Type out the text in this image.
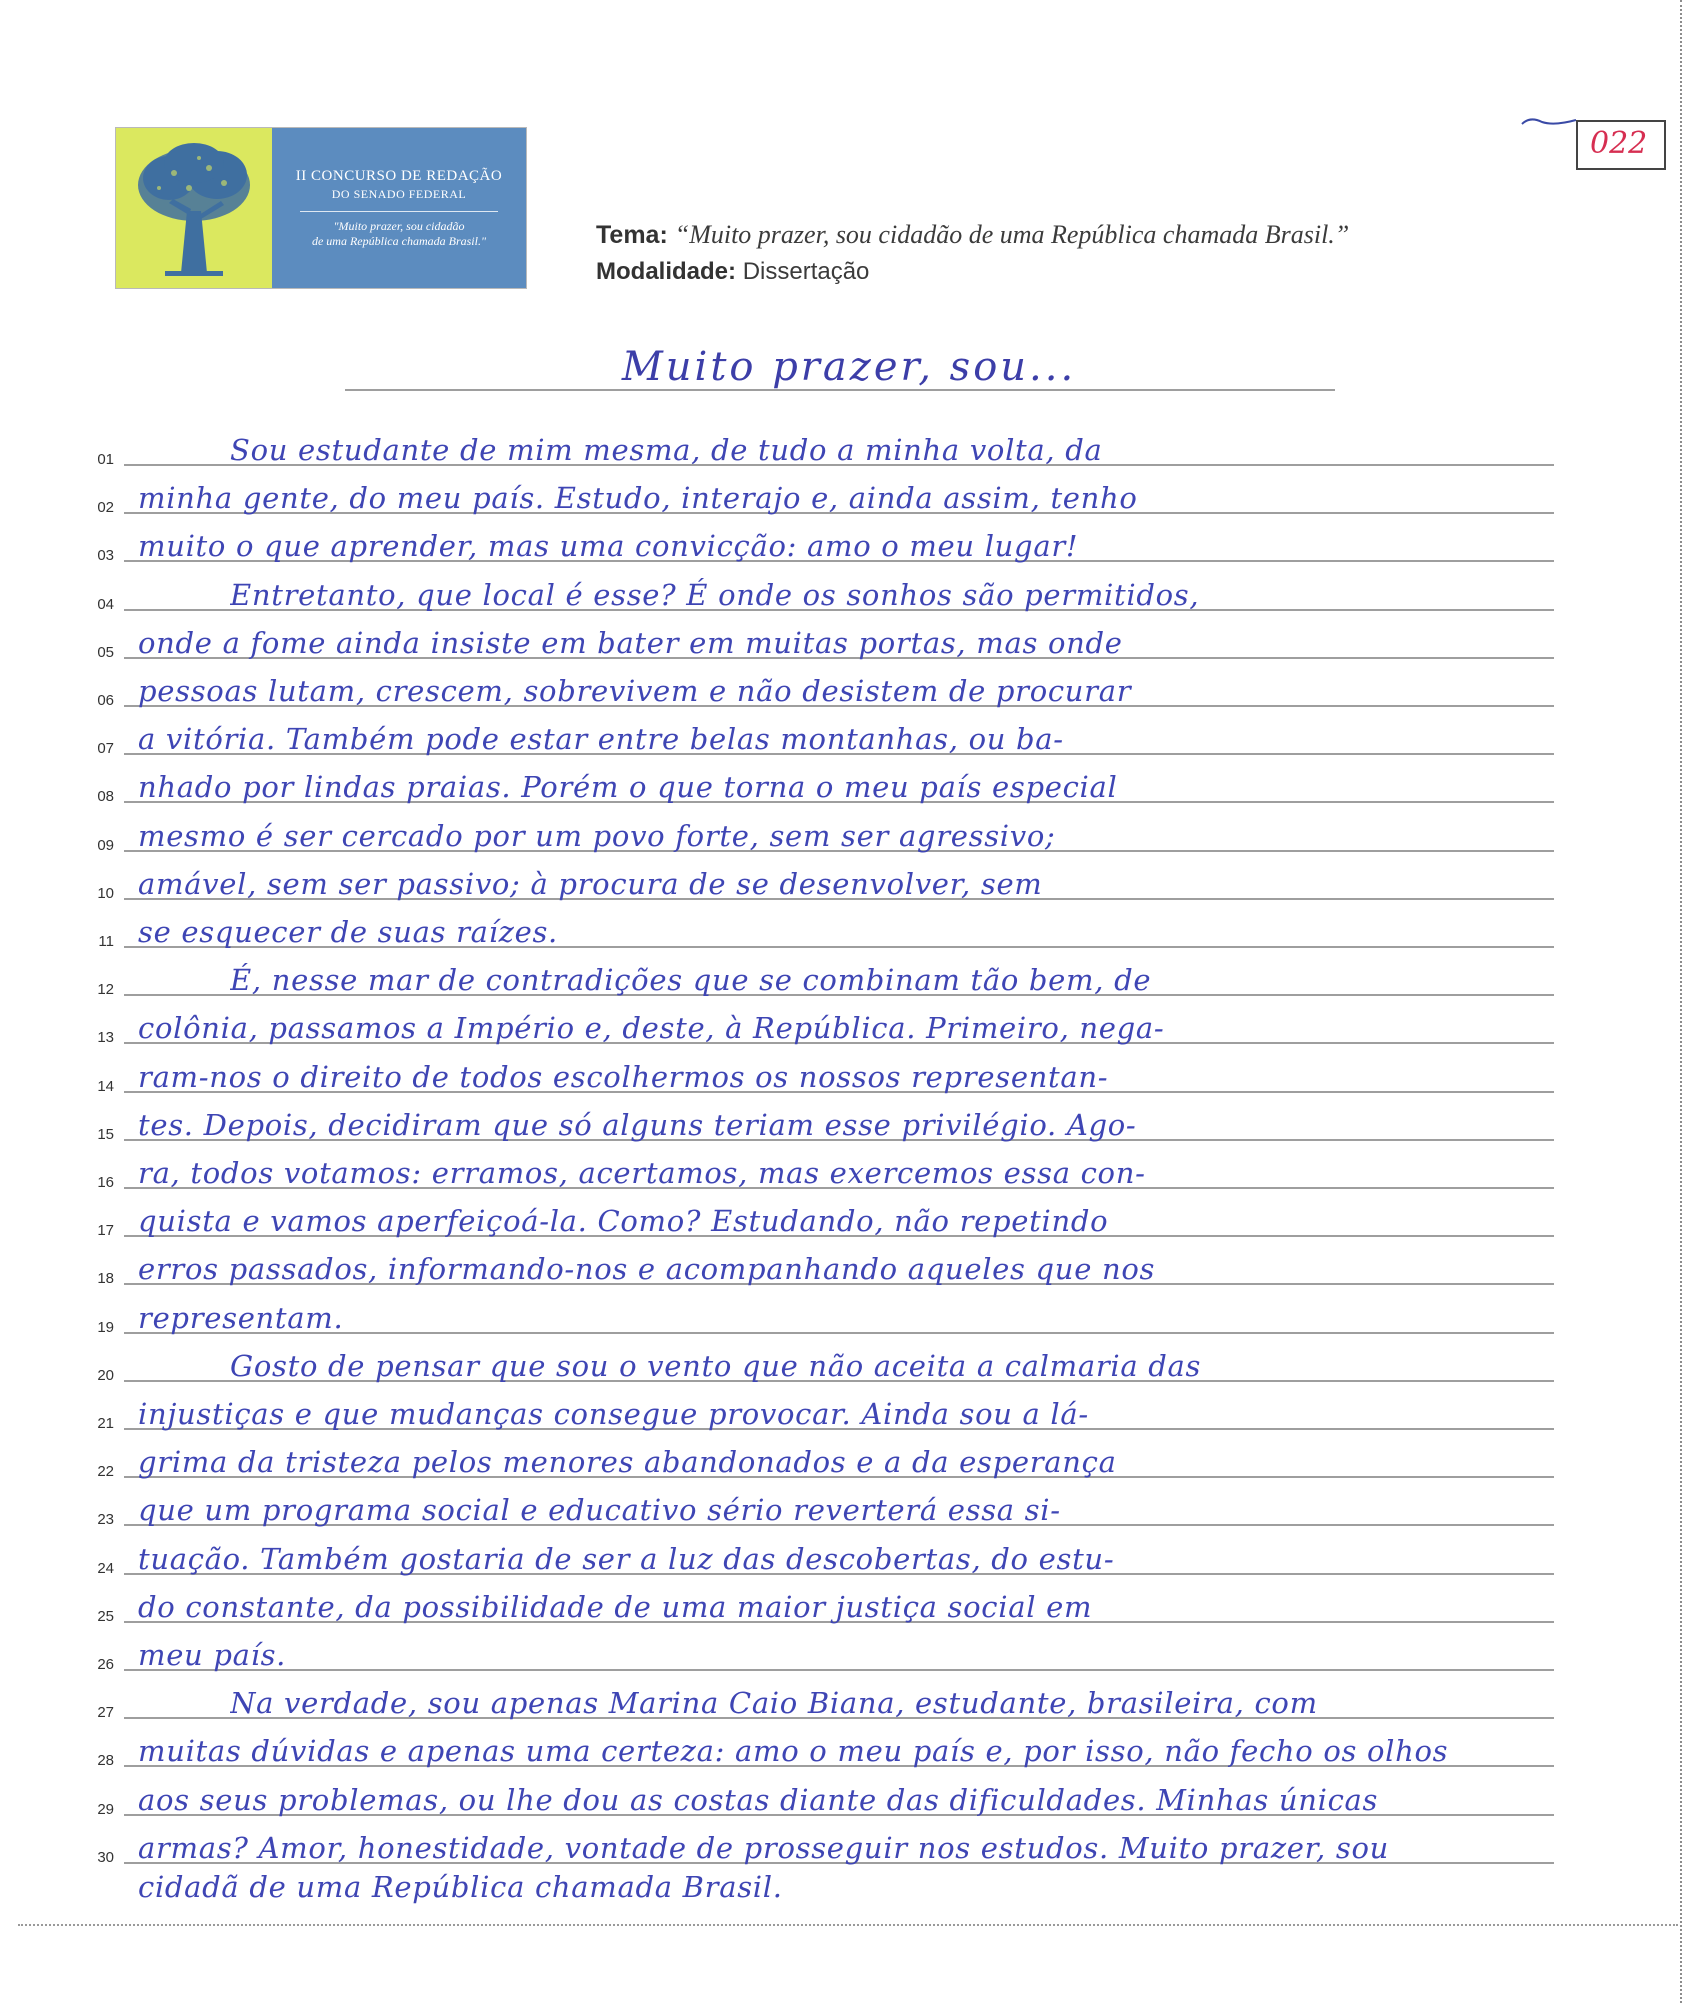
II CONCURSO DE REDAÇÃO
DO SENADO FEDERAL
"Muito prazer, sou cidadão
de uma República chamada Brasil."
022
Tema: “Muito prazer, sou cidadão de uma República chamada Brasil.”
Modalidade: Dissertação
Muito prazer, sou...
01	Sou estudante de mim mesma, de tudo a minha volta, da
02 minha gente, do meu país. Estudo, interajo e, ainda assim, tenho
03 muito o que aprender, mas uma convicção: amo o meu lugar!
04	Entretanto, que local é esse? É onde os sonhos são permitidos,
05 onde a fome ainda insiste em bater em muitas portas, mas onde
06 pessoas lutam, crescem, sobrevivem e não desistem de procurar
07 a vitória. Também pode estar entre belas montanhas, ou ba-
08 nhado por lindas praias. Porém o que torna o meu país especial
09 mesmo é ser cercado por um povo forte, sem ser agressivo;
10 amável, sem ser passivo; à procura de se desenvolver, sem
11 se esquecer de suas raízes.
12	É, nesse mar de contradições que se combinam tão bem, de
13 colônia, passamos a Império e, deste, à República. Primeiro, nega-
14 ram-nos o direito de todos escolhermos os nossos representan-
15 tes. Depois, decidiram que só alguns teriam esse privilégio. Ago-
16 ra, todos votamos: erramos, acertamos, mas exercemos essa con-
17 quista e vamos aperfeiçoá-la. Como? Estudando, não repetindo
18 erros passados, informando-nos e acompanhando aqueles que nos
19 representam.
20	Gosto de pensar que sou o vento que não aceita a calmaria das
21 injustiças e que mudanças consegue provocar. Ainda sou a lá-
22 grima da tristeza pelos menores abandonados e a da esperança
23 que um programa social e educativo sério reverterá essa si-
24 tuação. Também gostaria de ser a luz das descobertas, do estu-
25 do constante, da possibilidade de uma maior justiça social em
26 meu país.
27	Na verdade, sou apenas Marina Caio Biana, estudante, brasileira, com
28 muitas dúvidas e apenas uma certeza: amo o meu país e, por isso, não fecho os olhos
29 aos seus problemas, ou lhe dou as costas diante das dificuldades. Minhas únicas
30 armas? Amor, honestidade, vontade de prosseguir nos estudos. Muito prazer, sou
cidadã de uma República chamada Brasil.
